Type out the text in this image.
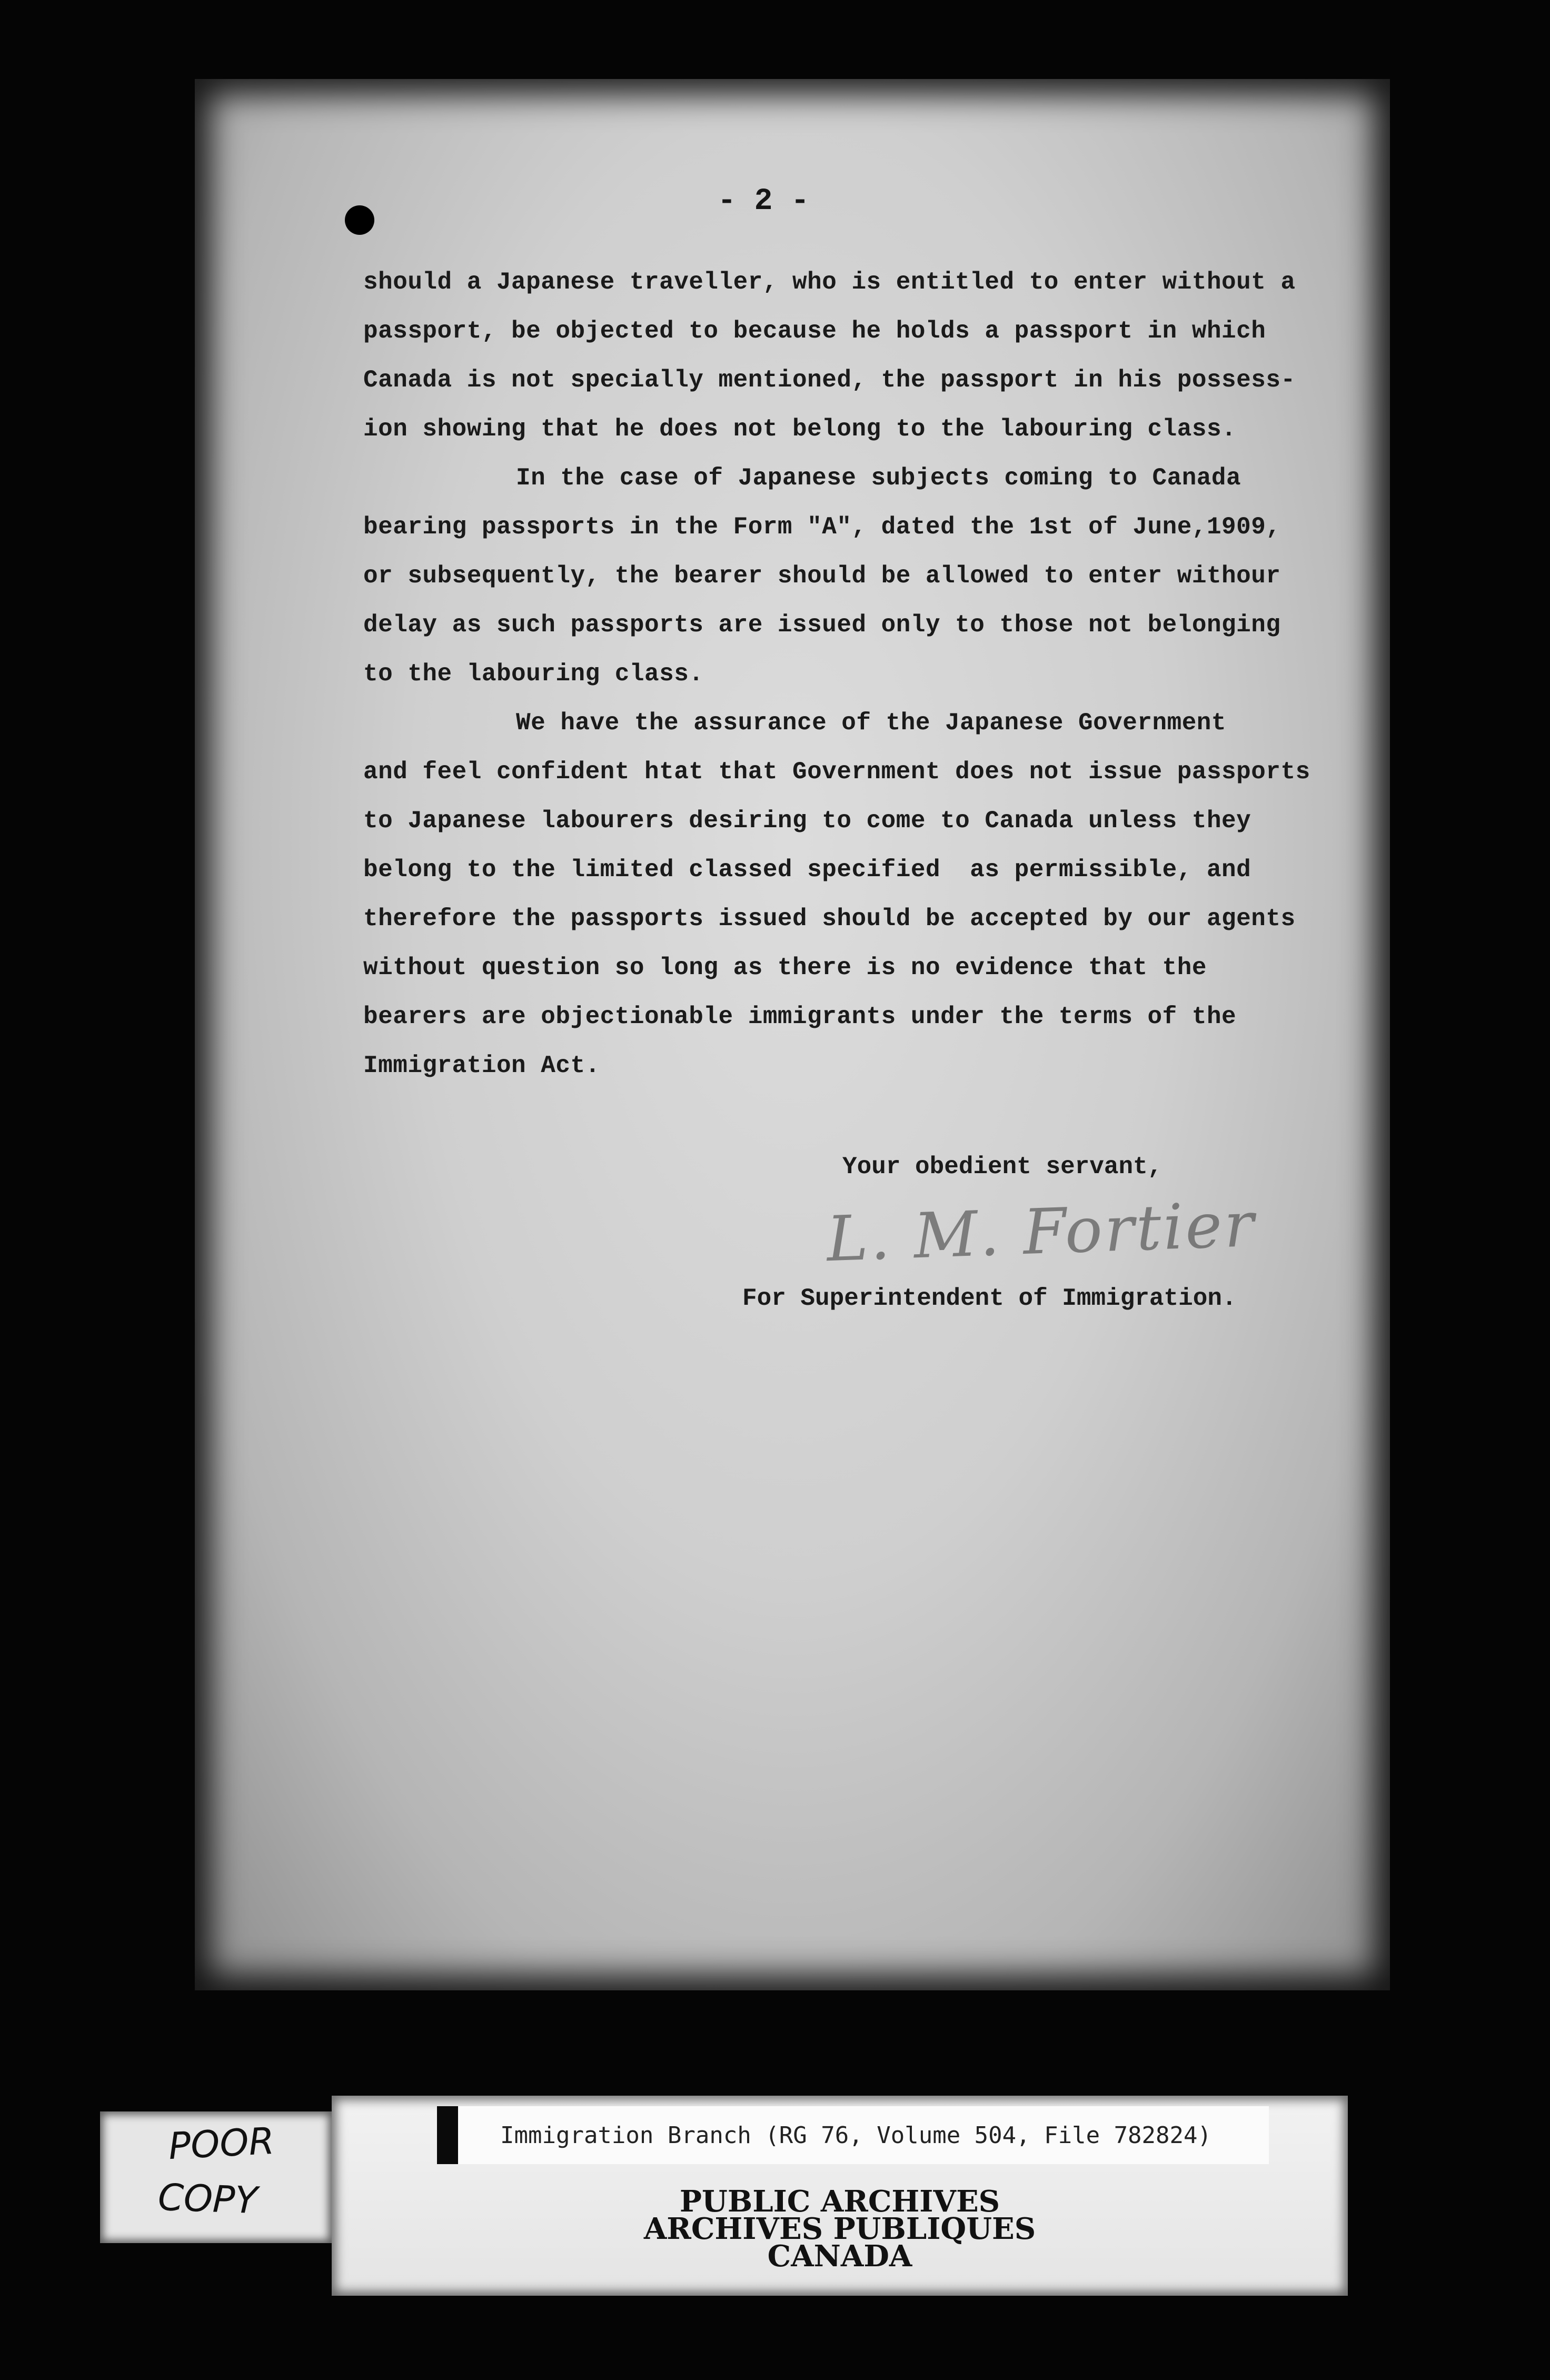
- 2 -
should a Japanese traveller, who is entitled to enter without a
passport, be objected to because he holds a passport in which
Canada is not specially mentioned, the passport in his possess-
ion showing that he does not belong to the labouring class.
In the case of Japanese subjects coming to Canada
bearing passports in the Form "A", dated the 1st of June,1909,
or subsequently, the bearer should be allowed to enter withour
delay as such passports are issued only to those not belonging
to the labouring class.
We have the assurance of the Japanese Government
and feel confident htat that Government does not issue passports
to Japanese labourers desiring to come to Canada unless they
belong to the limited classed specified  as permissible, and
therefore the passports issued should be accepted by our agents
without question so long as there is no evidence that the
bearers are objectionable immigrants under the terms of the
Immigration Act.
Your obedient servant,
L. M. Fortier
For Superintendent of Immigration.
POOR
COPY
Immigration Branch (RG 76, Volume 504, File 782824)
PUBLIC ARCHIVES
ARCHIVES PUBLIQUES
CANADA
